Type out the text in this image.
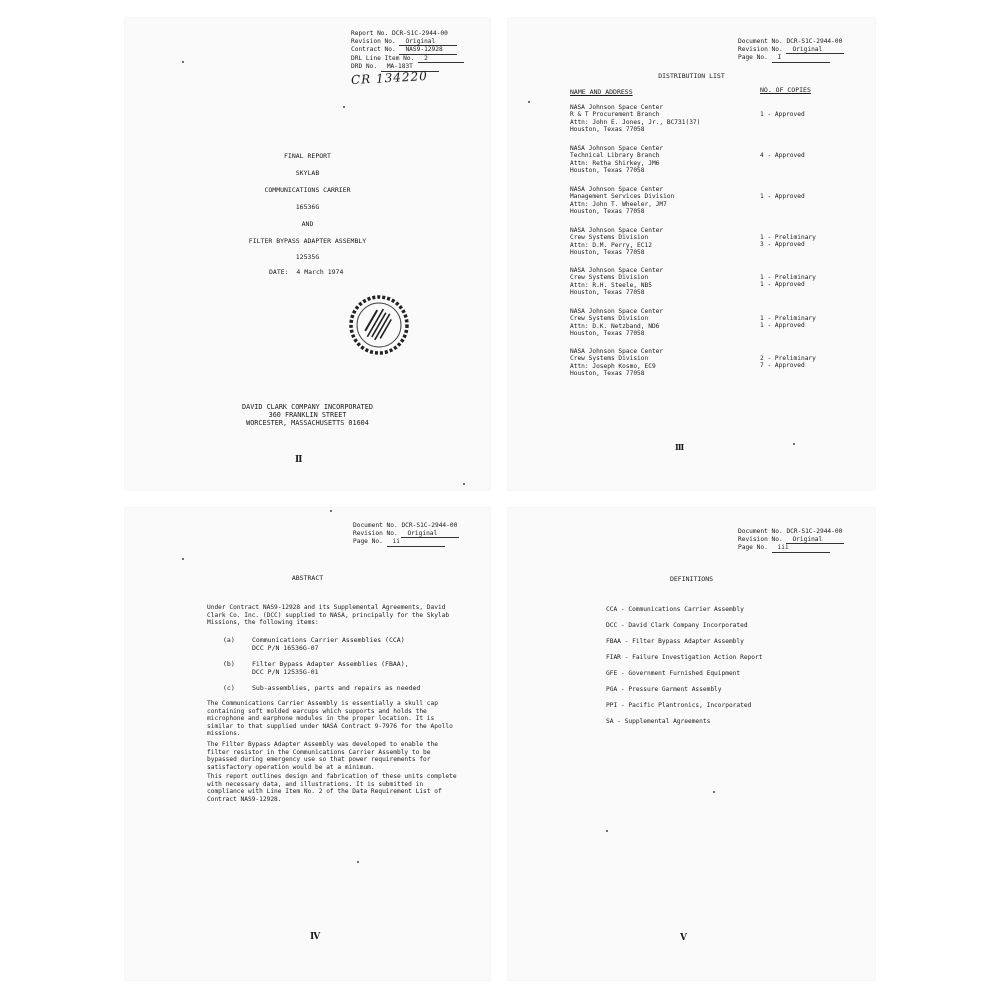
Report No. DCR-S1C-2944-00
Revision No. Original
Contract No. NAS9-12928
DRL Line Item No. 2
DRD No. MA-183T
CR 134220
FINAL REPORT
SKYLAB
COMMUNICATIONS CARRIER
16536G
AND
FILTER BYPASS ADAPTER ASSEMBLY
12535G
DATE: 4 March 1974
DAVID CLARK COMPANY INCORPORATED
360 FRANKLIN STREET
WORCESTER, MASSACHUSETTS 01604
II
Document No. DCR-S1C-2944-00
Revision No. Original
Page No. I
DISTRIBUTION LIST
NAME AND ADDRESS	NO. OF COPIES
NASA Johnson Space Center
R & T Procurement Branch
Attn: John E. Jones, Jr., BC731(37)
Houston, Texas 77058
1 - Approved
NASA Johnson Space Center
Technical Library Branch
Attn: Retha Shirkey, JM6
Houston, Texas 77058
4 - Approved
NASA Johnson Space Center
Management Services Division
Attn: John T. Wheeler, JM7
Houston, Texas 77058
1 - Approved
NASA Johnson Space Center
Crew Systems Division
Attn: D.M. Perry, EC12
Houston, Texas 77058
1 - Preliminary
3 - Approved
NASA Johnson Space Center
Crew Systems Division
Attn: R.H. Steele, NB5
Houston, Texas 77058
1 - Preliminary
1 - Approved
NASA Johnson Space Center
Crew Systems Division
Attn: D.K. Netzband, ND6
Houston, Texas 77058
1 - Preliminary
1 - Approved
NASA Johnson Space Center
Crew Systems Division
Attn: Joseph Kosmo, EC9
Houston, Texas 77058
2 - Preliminary
7 - Approved
III
Document No. DCR-S1C-2944-00
Revision No. Original
Page No. ii
ABSTRACT
Under Contract NAS9-12928 and its Supplemental Agreements, David Clark Co. Inc. (DCC) supplied to NASA, principally for the Skylab Missions, the following items:
(a)	Communications Carrier Assemblies (CCA)
DCC P/N 16536G-07
(b)	Filter Bypass Adapter Assemblies (FBAA),
DCC P/N 12535G-01
(c)	Sub-assemblies, parts and repairs as needed
The Communications Carrier Assembly is essentially a skull cap containing soft molded earcups which supports and holds the microphone and earphone modules in the proper location. It is similar to that supplied under NASA Contract 9-7976 for the Apollo missions.
The Filter Bypass Adapter Assembly was developed to enable the filter resistor in the Communications Carrier Assembly to be bypassed during emergency use so that power requirements for satisfactory operation would be at a minimum.
This report outlines design and fabrication of these units complete with necessary data, and illustrations. It is submitted in compliance with Line Item No. 2 of the Data Requirement List of Contract NAS9-12928.
IV
Document No. DCR-S1C-2944-00
Revision No. Original
Page No. iii
DEFINITIONS
CCA - Communications Carrier Assembly
DCC - David Clark Company Incorporated
FBAA - Filter Bypass Adapter Assembly
FIAR - Failure Investigation Action Report
GFE - Government Furnished Equipment
PGA - Pressure Garment Assembly
PPI - Pacific Plantronics, Incorporated
SA - Supplemental Agreements
V
